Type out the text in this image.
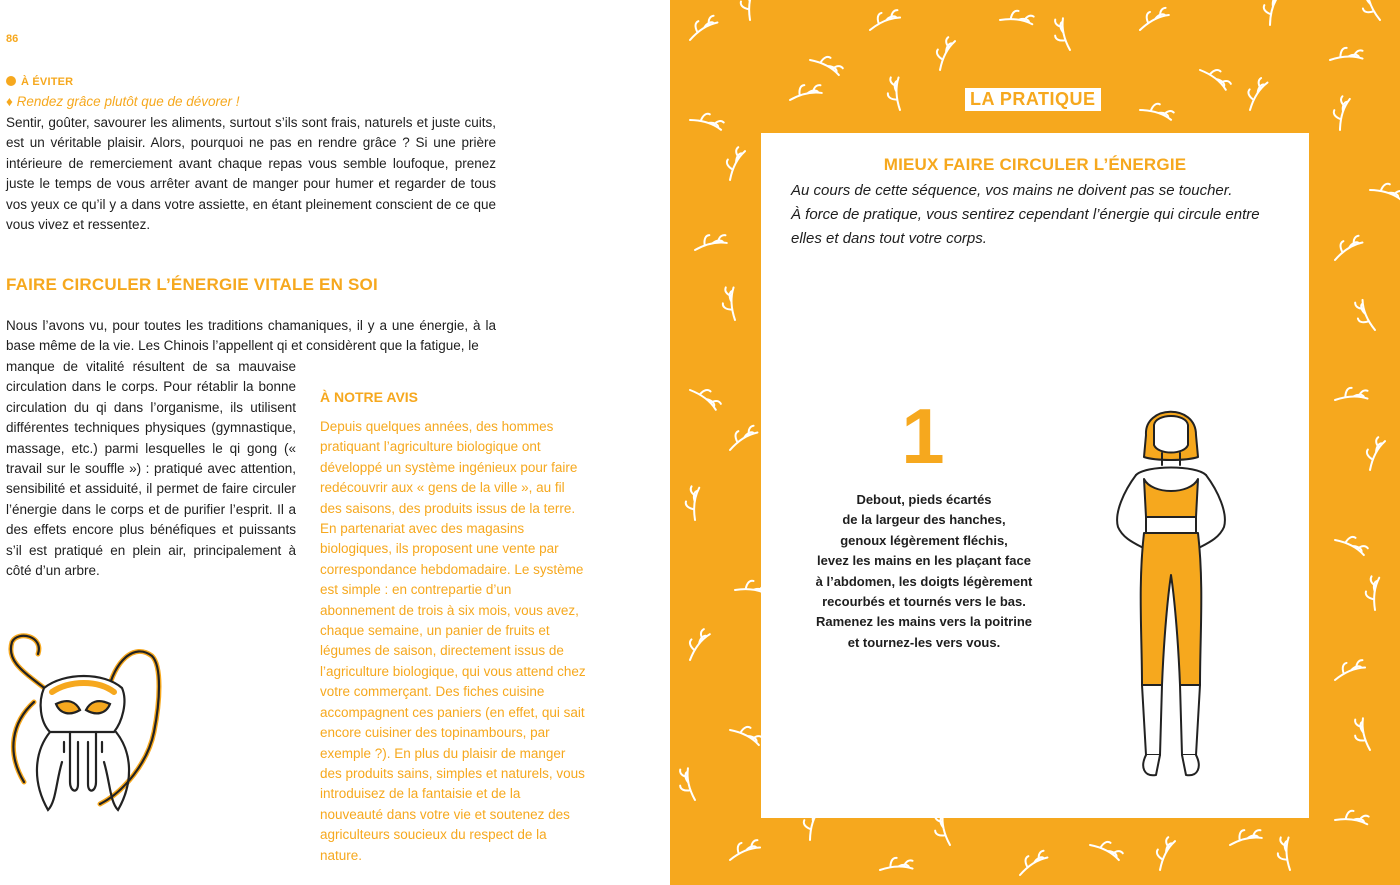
86
À ÉVITER
♦ Rendez grâce plutôt que de dévorer !
Sentir, goûter, savourer les aliments, surtout s’ils sont frais, naturels et juste cuits, est un véritable plaisir. Alors, pourquoi ne pas en rendre grâce ? Si une prière intérieure de remerciement avant chaque repas vous semble loufoque, prenez juste le temps de vous arrêter avant de manger pour humer et regarder de tous vos yeux ce qu’il y a dans votre assiette, en étant pleinement conscient de ce que vous vivez et ressentez.
FAIRE CIRCULER L’ÉNERGIE VITALE EN SOI
Nous l’avons vu, pour toutes les traditions chamaniques, il y a une énergie, à la base même de la vie. Les Chinois l’appellent qi et considèrent que la fatigue, le
manque de vitalité résultent de sa mauvaise circulation dans le corps. Pour rétablir la bonne circulation du qi dans l’organisme, ils utilisent différentes techniques physiques (gymnastique, massage, etc.) parmi lesquelles le qi gong (« travail sur le souffle ») : pratiqué avec attention, sensibilité et assiduité, il permet de faire circuler l’énergie dans le corps et de purifier l’esprit. Il a des effets encore plus bénéfiques et puissants s’il est pratiqué en plein air, principalement à côté d’un arbre.
À NOTRE AVIS
Depuis quelques années, des hommes pratiquant l’agriculture biologique ont développé un système ingénieux pour faire redécouvrir aux « gens de la ville », au fil des saisons, des produits issus de la terre. En partenariat avec des magasins biologiques, ils proposent une vente par correspondance hebdomadaire. Le système est simple : en contrepartie d’un abonnement de trois à six mois, vous avez, chaque semaine, un panier de fruits et légumes de saison, directement issus de l’agriculture biologique, qui vous attend chez votre commerçant. Des fiches cuisine accompagnent ces paniers (en effet, qui sait encore cuisiner des topinambours, par exemple ?). En plus du plaisir de manger des produits sains, simples et naturels, vous introduisez de la fantaisie et de la nouveauté dans votre vie et soutenez des agriculteurs soucieux du respect de la nature.
LA PRATIQUE
MIEUX FAIRE CIRCULER L’ÉNERGIE
Au cours de cette séquence, vos mains ne doivent pas se toucher.
À force de pratique, vous sentirez cependant l’énergie qui circule entre elles et dans tout votre corps.
1
Debout, pieds écartés
de la largeur des hanches,
genoux légèrement fléchis,
levez les mains en les plaçant face
à l’abdomen, les doigts légèrement
recourbés et tournés vers le bas.
Ramenez les mains vers la poitrine
et tournez-les vers vous.
